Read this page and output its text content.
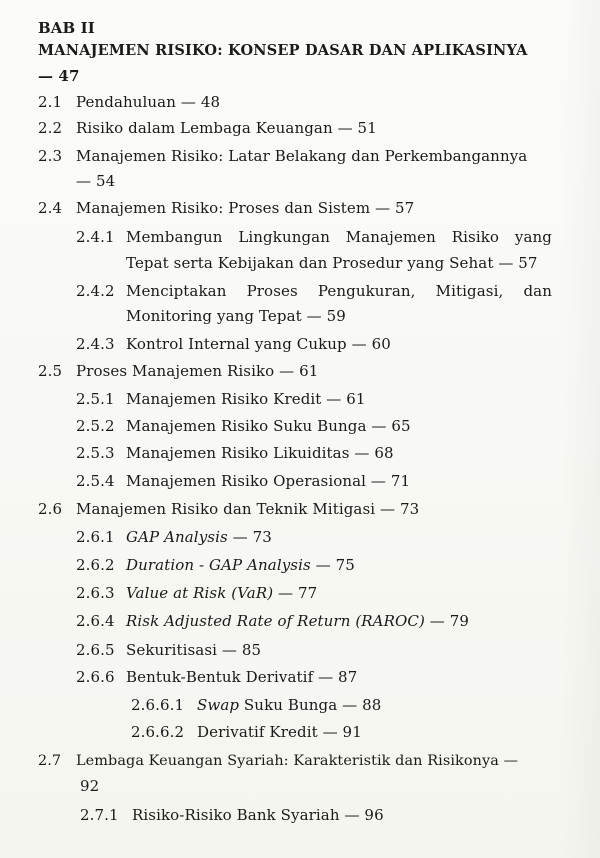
BAB II
MANAJEMEN RISIKO: KONSEP DASAR DAN APLIKASINYA
— 47
2.1 Pendahuluan — 48
2.2 Risiko dalam Lembaga Keuangan — 51
2.3 Manajemen Risiko: Latar Belakang dan Perkembangannya
— 54
2.4 Manajemen Risiko: Proses dan Sistem — 57
2.4.1 Membangun Lingkungan Manajemen Risiko yang
Tepat serta Kebijakan dan Prosedur yang Sehat — 57
2.4.2 Menciptakan Proses Pengukuran, Mitigasi, dan
Monitoring yang Tepat — 59
2.4.3 Kontrol Internal yang Cukup — 60
2.5 Proses Manajemen Risiko — 61
2.5.1 Manajemen Risiko Kredit — 61
2.5.2 Manajemen Risiko Suku Bunga — 65
2.5.3 Manajemen Risiko Likuiditas — 68
2.5.4 Manajemen Risiko Operasional — 71
2.6 Manajemen Risiko dan Teknik Mitigasi — 73
2.6.1 GAP Analysis — 73
2.6.2 Duration - GAP Analysis — 75
2.6.3 Value at Risk (VaR) — 77
2.6.4 Risk Adjusted Rate of Return (RAROC) — 79
2.6.5 Sekuritisasi — 85
2.6.6 Bentuk-Bentuk Derivatif — 87
2.6.6.1 Swap Suku Bunga — 88
2.6.6.2 Derivatif Kredit — 91
2.7 Lembaga Keuangan Syariah: Karakteristik dan Risikonya —
92
2.7.1 Risiko-Risiko Bank Syariah — 96
